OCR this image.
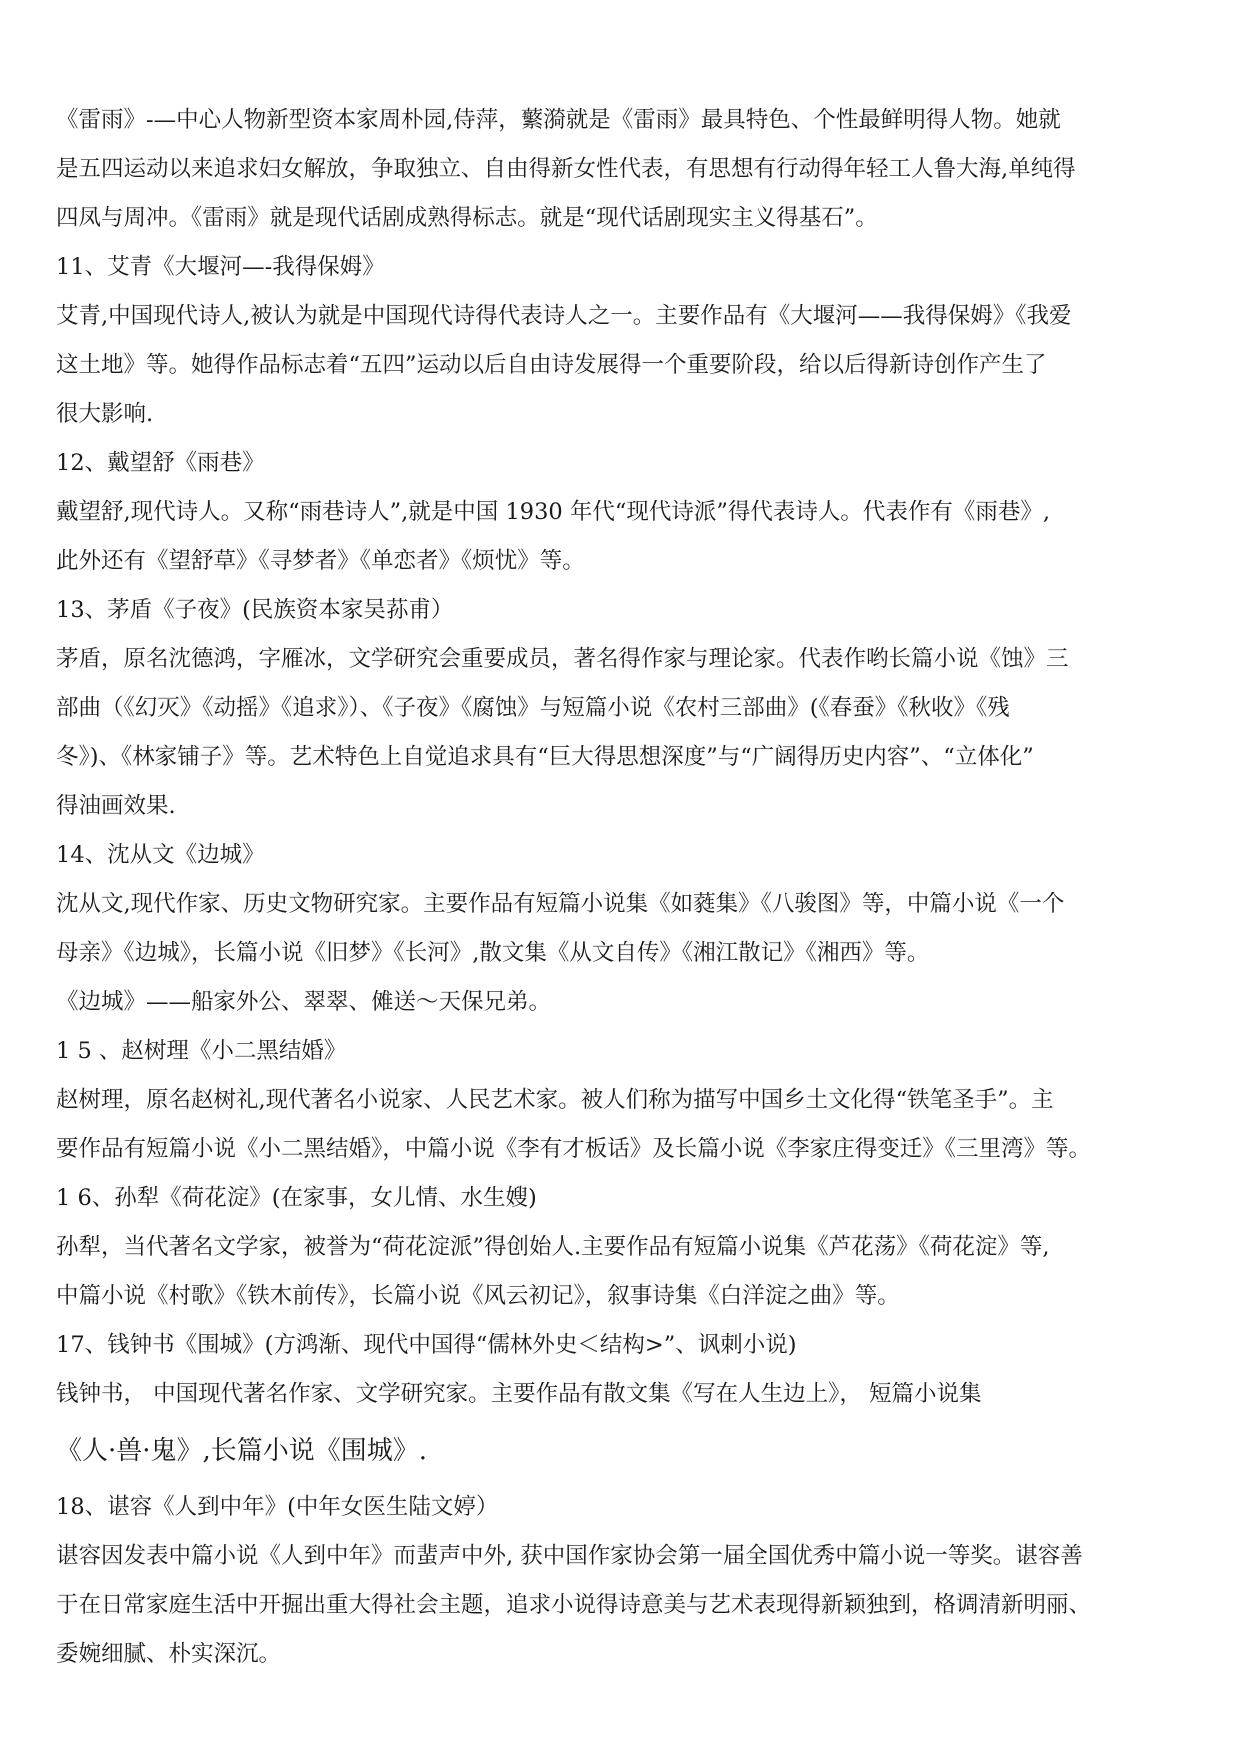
《雷雨》-—中心人物新型资本家周朴园,侍萍，蘩漪就是《雷雨》最具特色、个性最鲜明得人物。她就
是五四运动以来追求妇女解放，争取独立、自由得新女性代表，有思想有行动得年轻工人鲁大海,单纯得
四凤与周冲。《雷雨》就是现代话剧成熟得标志。就是“现代话剧现实主义得基石”。
11、艾青《大堰河—-我得保姆》
艾青,中国现代诗人,被认为就是中国现代诗得代表诗人之一。主要作品有《大堰河——我得保姆》《我爱
这土地》等。她得作品标志着“五四”运动以后自由诗发展得一个重要阶段，给以后得新诗创作产生了
很大影响.
12、戴望舒《雨巷》
戴望舒,现代诗人。又称“雨巷诗人”,就是中国 1930 年代“现代诗派”得代表诗人。代表作有《雨巷》,
此外还有《望舒草》《寻梦者》《单恋者》《烦忧》等。
13、茅盾《子夜》(民族资本家吴荪甫）
茅盾，原名沈德鸿，字雁冰，文学研究会重要成员，著名得作家与理论家。代表作哟长篇小说《蚀》三
部曲（《幻灭》《动摇》《追求》）、《子夜》《腐蚀》与短篇小说《农村三部曲》(《春蚕》《秋收》《残
冬》)、《林家铺子》等。艺术特色上自觉追求具有“巨大得思想深度”与“广阔得历史内容”、“立体化”
得油画效果.
14、沈从文《边城》
沈从文,现代作家、历史文物研究家。主要作品有短篇小说集《如蕤集》《八骏图》等，中篇小说《一个
母亲》《边城》，长篇小说《旧梦》《长河》,散文集《从文自传》《湘江散记》《湘西》等。
《边城》——船家外公、翠翠、傩送～天保兄弟。
1 5 、赵树理《小二黑结婚》
赵树理，原名赵树礼,现代著名小说家、人民艺术家。被人们称为描写中国乡土文化得“铁笔圣手”。主
要作品有短篇小说《小二黑结婚》，中篇小说《李有才板话》及长篇小说《李家庄得变迁》《三里湾》等。
1 6、孙犁《荷花淀》(在家事，女儿情、水生嫂)
孙犁，当代著名文学家，被誉为“荷花淀派”得创始人.主要作品有短篇小说集《芦花荡》《荷花淀》等,
中篇小说《村歌》《铁木前传》，长篇小说《风云初记》，叙事诗集《白洋淀之曲》等。
17、钱钟书《围城》(方鸿渐、现代中国得“儒林外史＜结构>”、讽刺小说)
钱钟书， 中国现代著名作家、文学研究家。主要作品有散文集《写在人生边上》， 短篇小说集
《人·兽·鬼》,长篇小说《围城》.
18、谌容《人到中年》(中年女医生陆文婷）
谌容因发表中篇小说《人到中年》而蜚声中外, 获中国作家协会第一届全国优秀中篇小说一等奖。谌容善
于在日常家庭生活中开掘出重大得社会主题，追求小说得诗意美与艺术表现得新颖独到，格调清新明丽、
委婉细腻、朴实深沉。
